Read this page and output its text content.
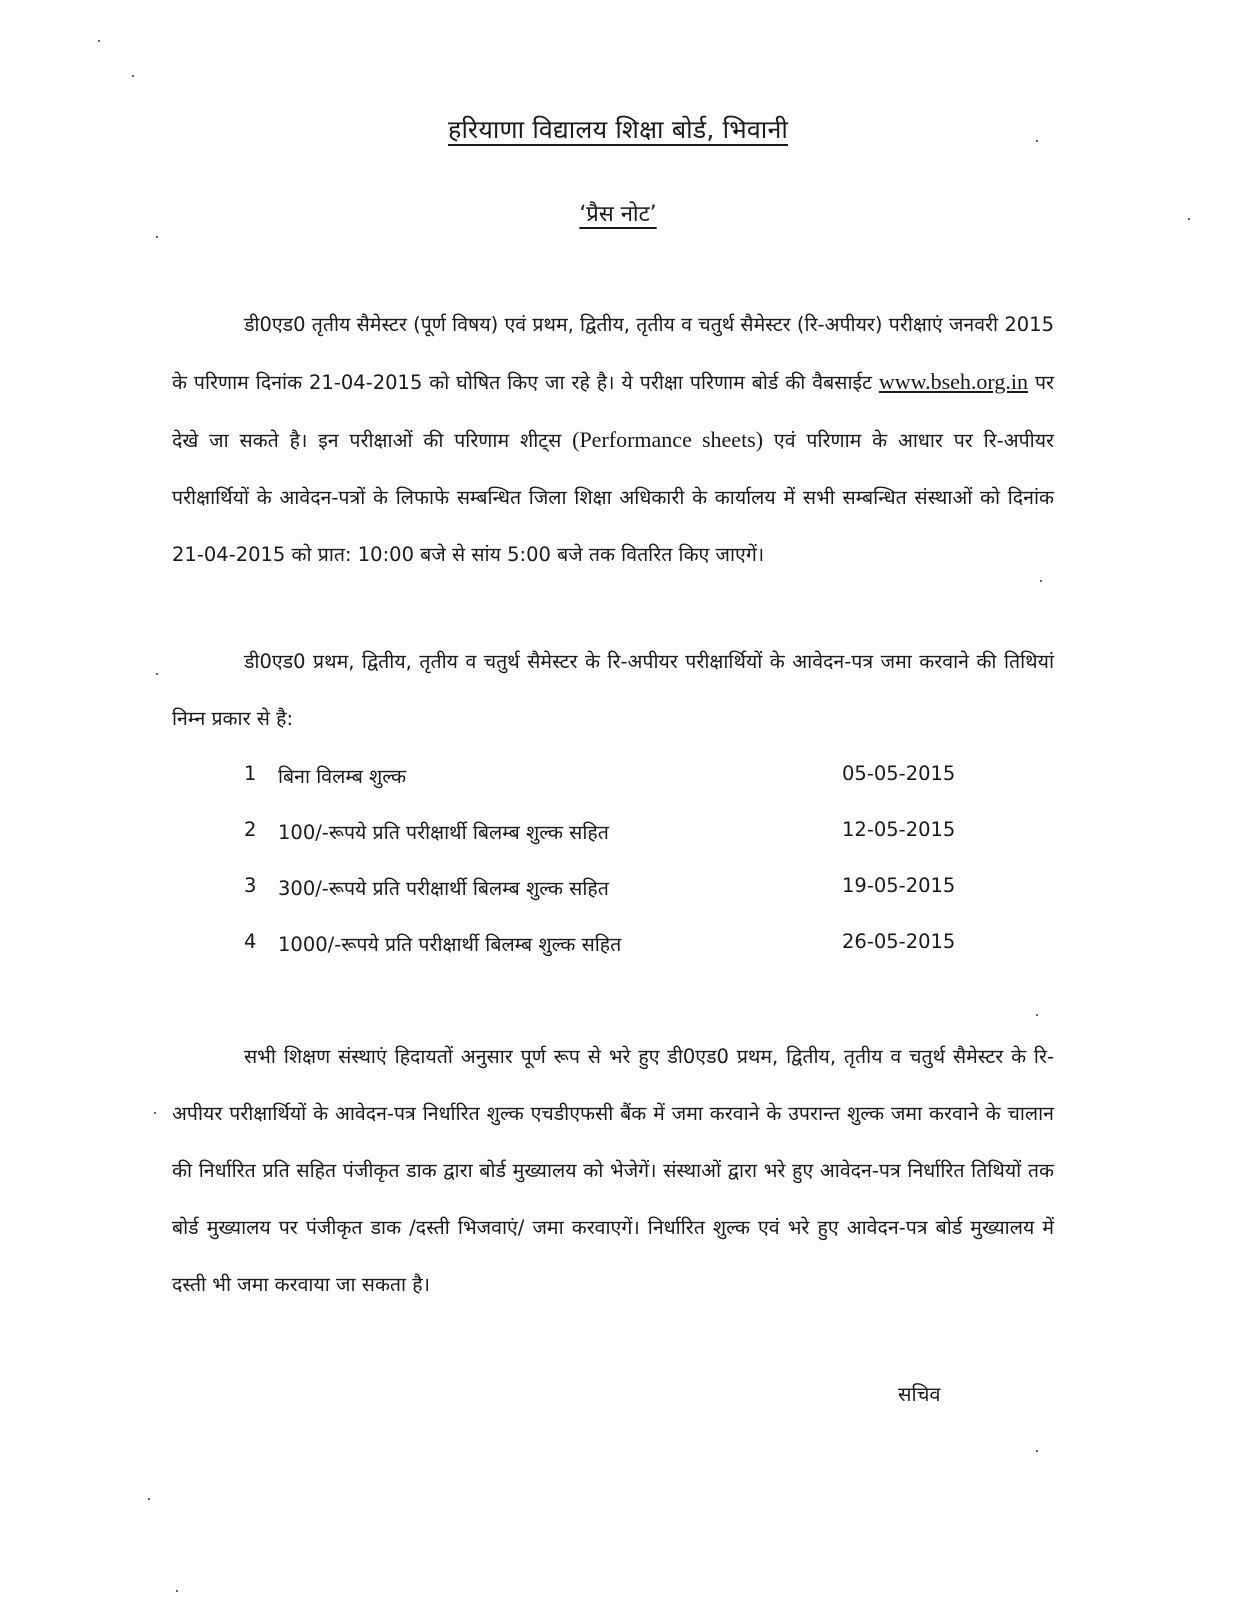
हरियाणा विद्यालय शिक्षा बोर्ड, भिवानी
‘प्रैस नोट’
डी0एड0 तृतीय सैमेस्टर (पूर्ण विषय) एवं प्रथम, द्वितीय, तृतीय व चतुर्थ सैमेस्टर (रि-अपीयर) परीक्षाएं जनवरी 2015 के परिणाम दिनांक 21-04-2015 को घोषित किए जा रहे है। ये परीक्षा परिणाम बोर्ड की वैबसाईट www.bseh.org.in पर देखे जा सकते है। इन परीक्षाओं की परिणाम शीट्स (Performance sheets) एवं परिणाम के आधार पर रि-अपीयर परीक्षार्थियों के आवेदन-पत्रों के लिफाफे सम्बन्धित जिला शिक्षा अधिकारी के कार्यालय में सभी सम्बन्धित संस्थाओं को दिनांक 21-04-2015 को प्रात: 10:00 बजे से सांय 5:00 बजे तक वितरित किए जाएगें।
डी0एड0 प्रथम, द्वितीय, तृतीय व चतुर्थ सैमेस्टर के रि-अपीयर परीक्षार्थियों के आवेदन-पत्र जमा करवाने की तिथियां निम्न प्रकार से है:
1 बिना विलम्ब शुल्क	05-05-2015
2 100/-रूपये प्रति परीक्षार्थी बिलम्ब शुल्क सहित	12-05-2015
3 300/-रूपये प्रति परीक्षार्थी बिलम्ब शुल्क सहित	19-05-2015
4 1000/-रूपये प्रति परीक्षार्थी बिलम्ब शुल्क सहित	26-05-2015
सभी शिक्षण संस्थाएं हिदायतों अनुसार पूर्ण रूप से भरे हुए डी0एड0 प्रथम, द्वितीय, तृतीय व चतुर्थ सैमेस्टर के रि-अपीयर परीक्षार्थियों के आवेदन-पत्र निर्धारित शुल्क एचडीएफसी बैंक में जमा करवाने के उपरान्त शुल्क जमा करवाने के चालान की निर्धारित प्रति सहित पंजीकृत डाक द्वारा बोर्ड मुख्यालय को भेजेगें। संस्थाओं द्वारा भरे हुए आवेदन-पत्र निर्धारित तिथियों तक बोर्ड मुख्यालय पर पंजीकृत डाक /दस्ती भिजवाएं/ जमा करवाएगें। निर्धारित शुल्क एवं भरे हुए आवेदन-पत्र बोर्ड मुख्यालय में दस्ती भी जमा करवाया जा सकता है।
सचिव
